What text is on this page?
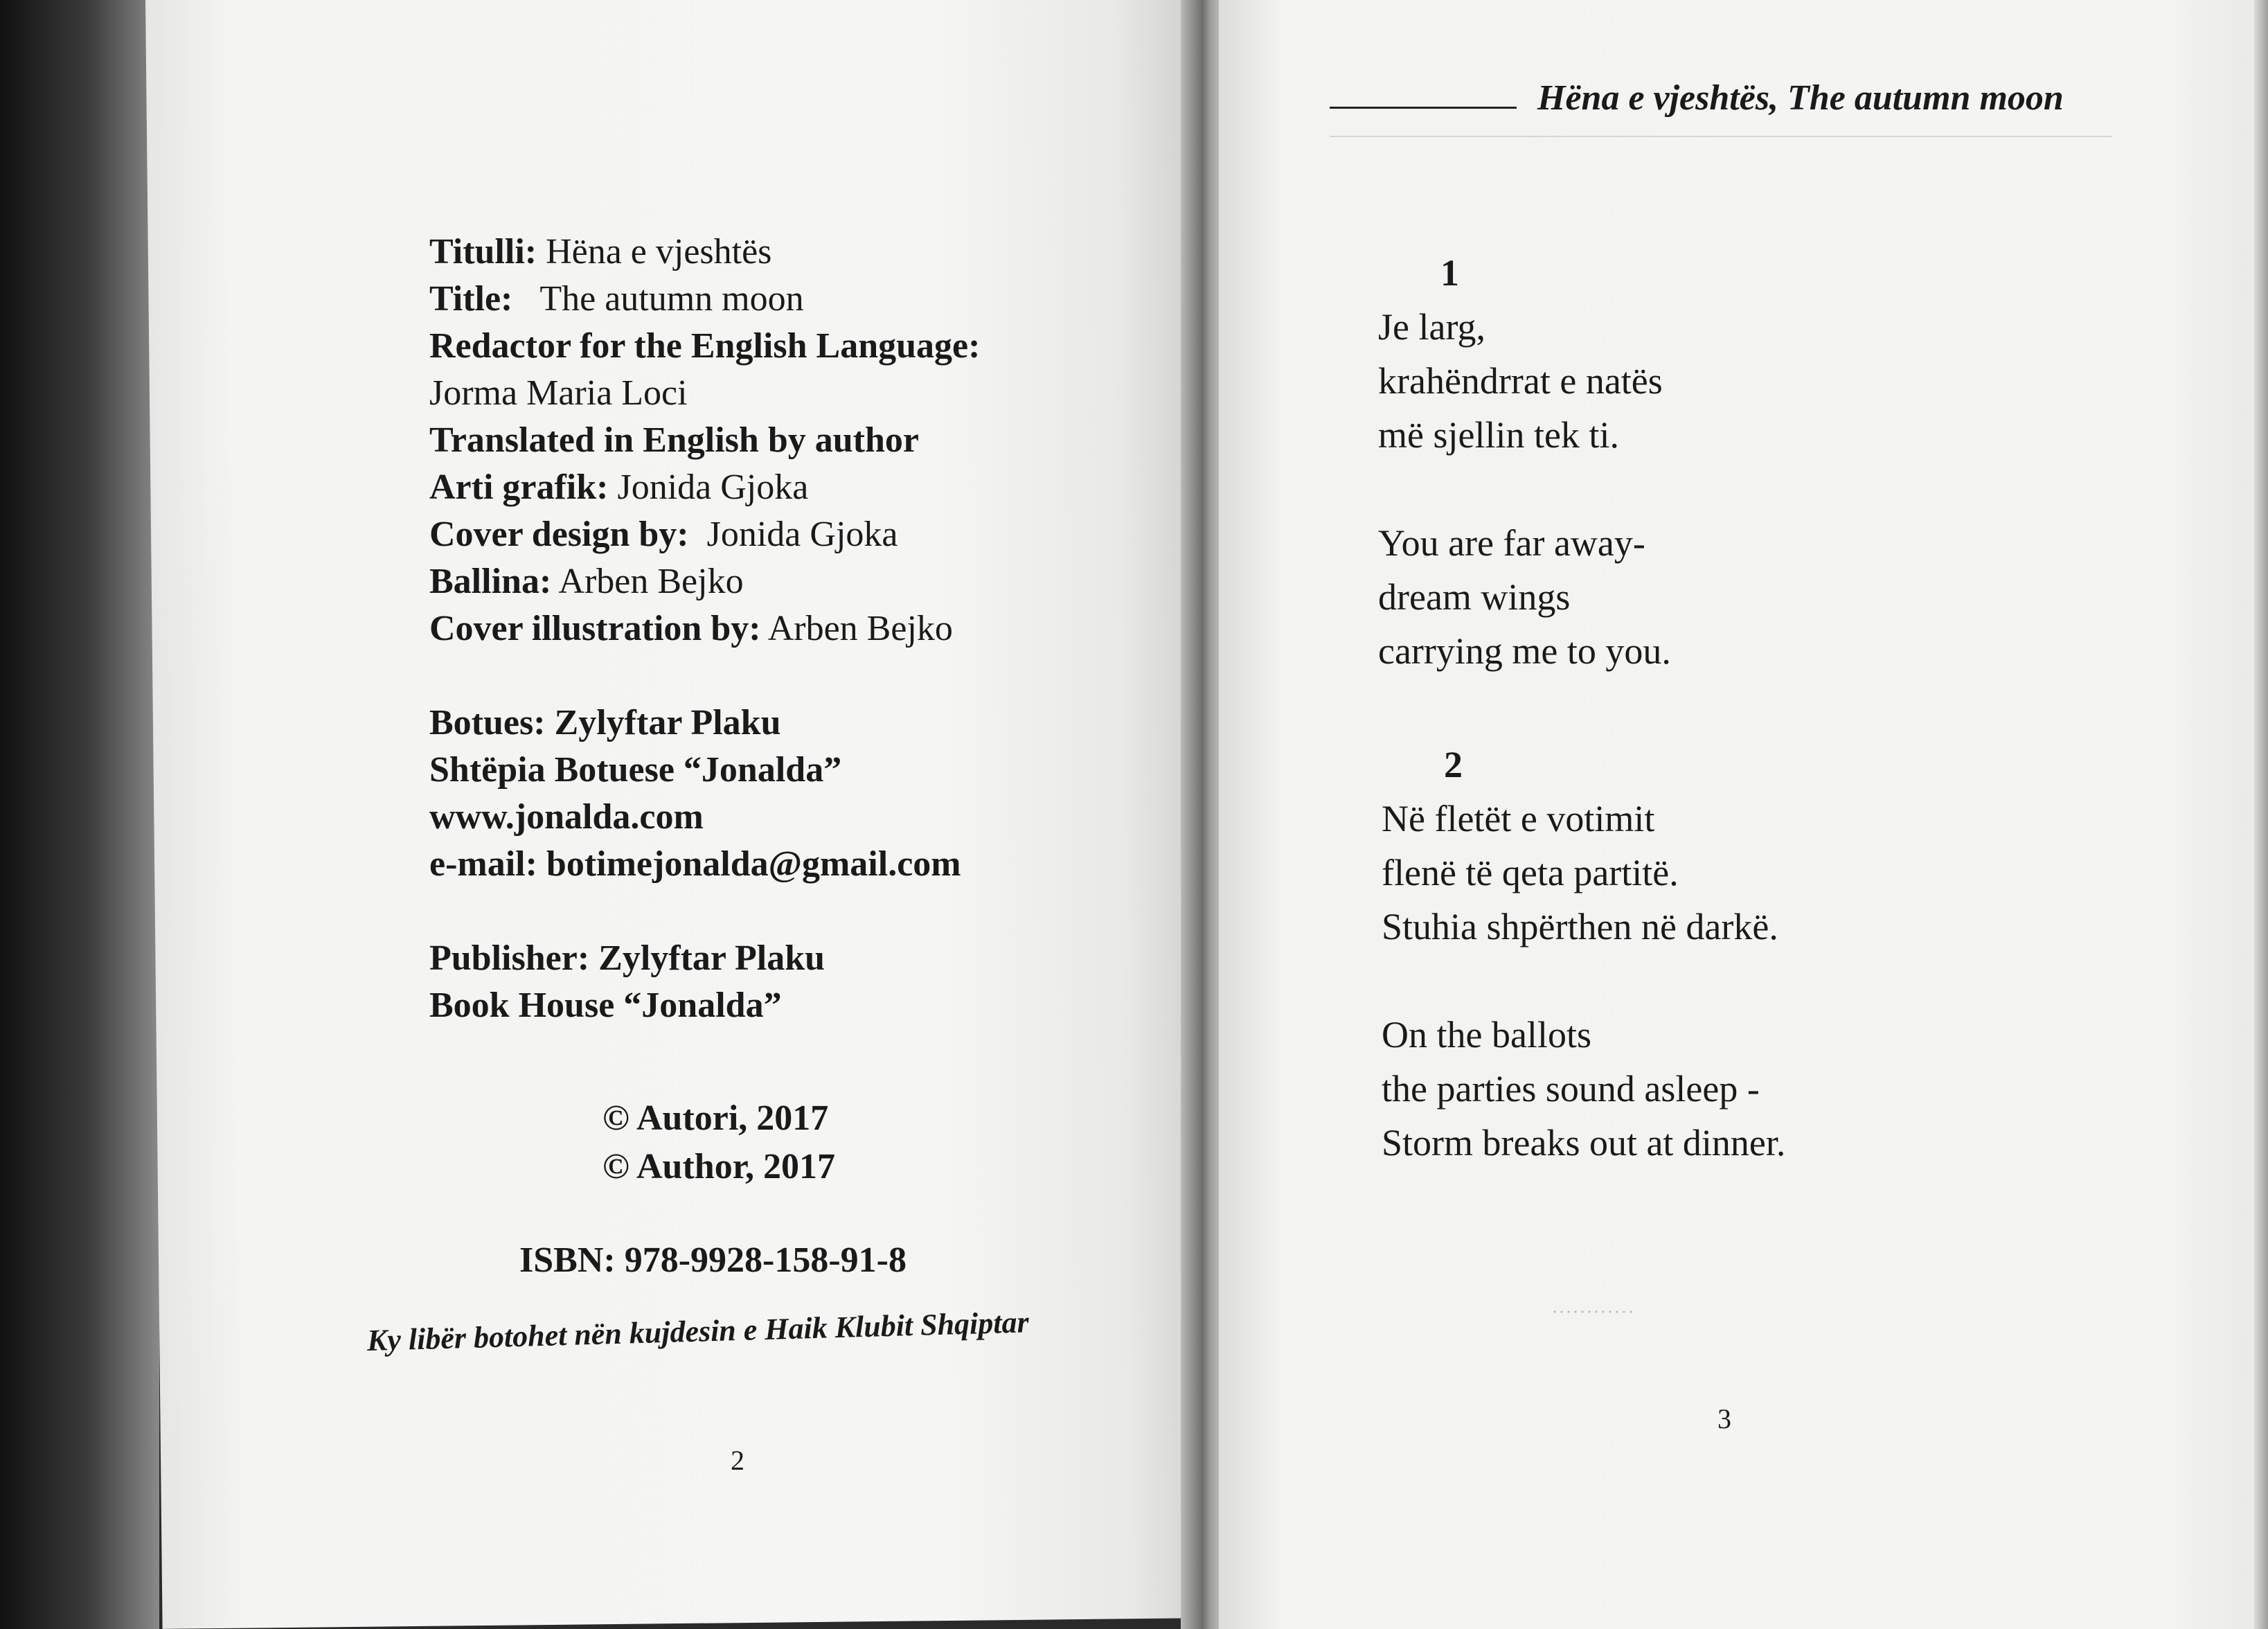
Titulli: Hëna e vjeshtës
Title: The autumn moon
Redactor for the English Language:
Jorma Maria Loci
Translated in English by author
Arti grafik: Jonida Gjoka
Cover design by: Jonida Gjoka
Ballina: Arben Bejko
Cover illustration by: Arben Bejko
Botues: Zylyftar Plaku
Shtëpia Botuese “Jonalda”
www.jonalda.com
e-mail: botimejonalda@gmail.com
Publisher: Zylyftar Plaku
Book House “Jonalda”
© Autori, 2017
© Author, 2017
ISBN: 978-9928-158-91-8
Ky libër botohet nën kujdesin e Haik Klubit Shqiptar
2
Hëna e vjeshtës, The autumn moon
1
Je larg,
krahëndrrat e natës
më sjellin tek ti.
You are far away-
dream wings
carrying me to you.
2
Në fletët e votimit
flenë të qeta partitë.
Stuhia shpërthen në darkë.
On the ballots
the parties sound asleep -
Storm breaks out at dinner.
3
